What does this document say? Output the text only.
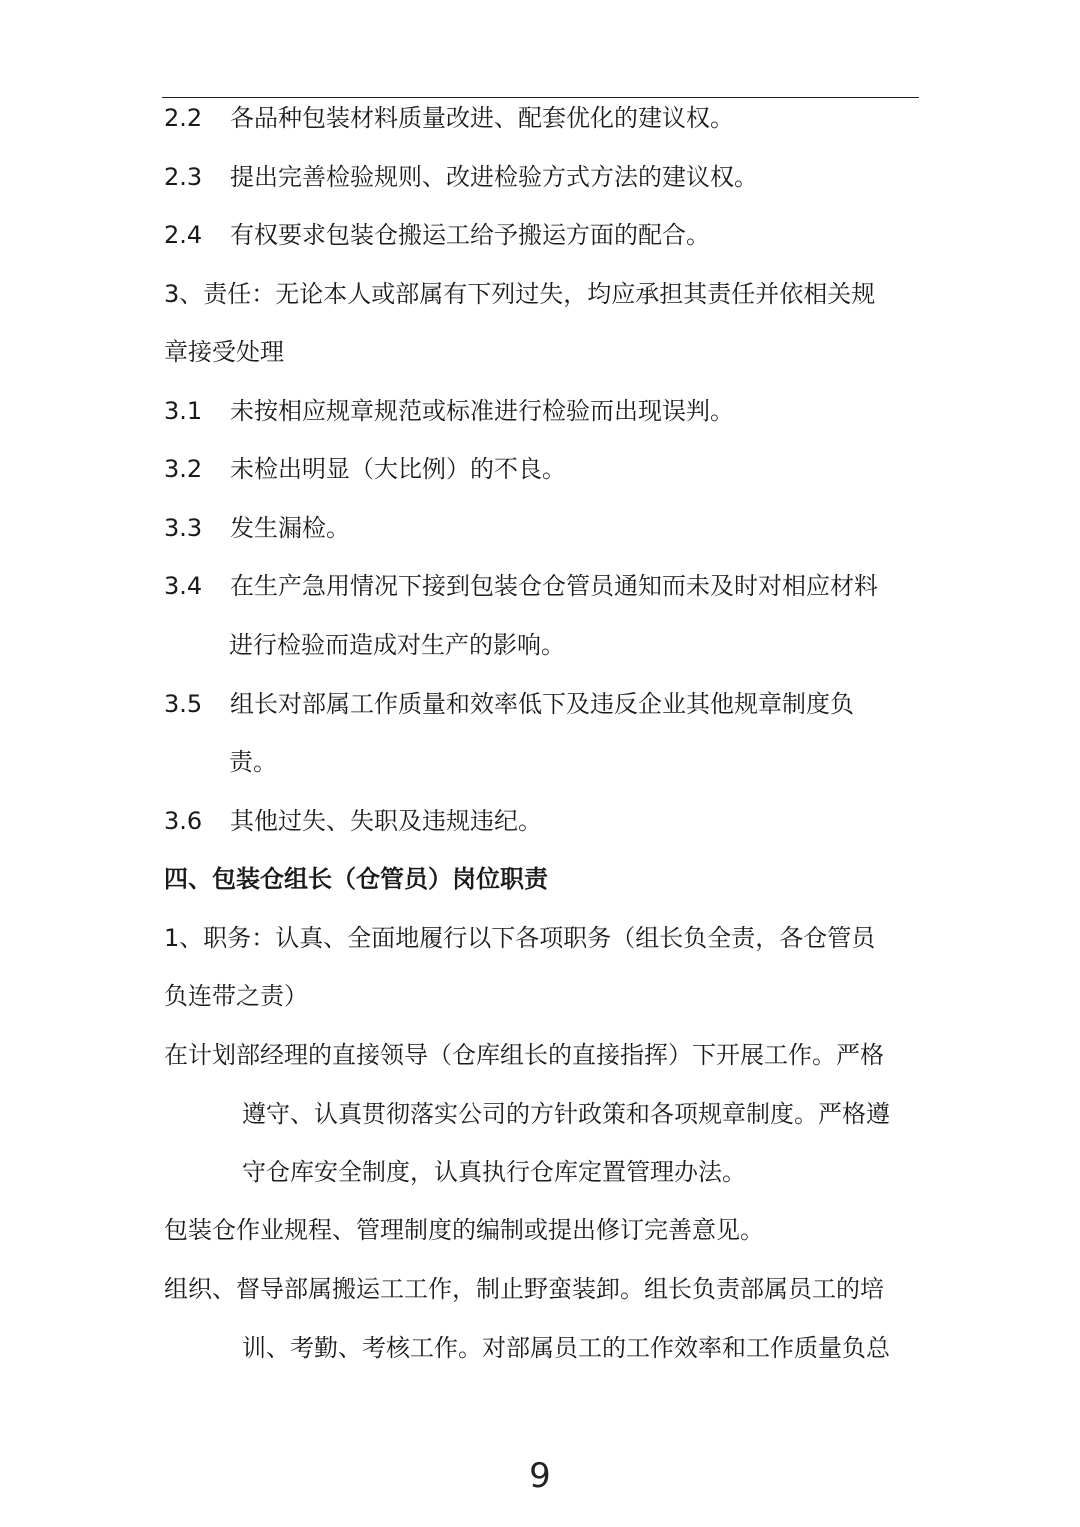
2.2 各品种包装材料质量改进、配套优化的建议权。
2.3 提出完善检验规则、改进检验方式方法的建议权。
2.4 有权要求包装仓搬运工给予搬运方面的配合。
3、责任：无论本人或部属有下列过失，均应承担其责任并依相关规
章接受处理
3.1 未按相应规章规范或标准进行检验而出现误判。
3.2 未检出明显（大比例）的不良。
3.3 发生漏检。
3.4 在生产急用情况下接到包装仓仓管员通知而未及时对相应材料
进行检验而造成对生产的影响。
3.5 组长对部属工作质量和效率低下及违反企业其他规章制度负
责。
3.6 其他过失、失职及违规违纪。
四、包装仓组长（仓管员）岗位职责
1、职务：认真、全面地履行以下各项职务（组长负全责，各仓管员
负连带之责）
在计划部经理的直接领导（仓库组长的直接指挥）下开展工作。严格
遵守、认真贯彻落实公司的方针政策和各项规章制度。严格遵
守仓库安全制度，认真执行仓库定置管理办法。
包装仓作业规程、管理制度的编制或提出修订完善意见。
组织、督导部属搬运工工作，制止野蛮装卸。组长负责部属员工的培
训、考勤、考核工作。对部属员工的工作效率和工作质量负总
9
